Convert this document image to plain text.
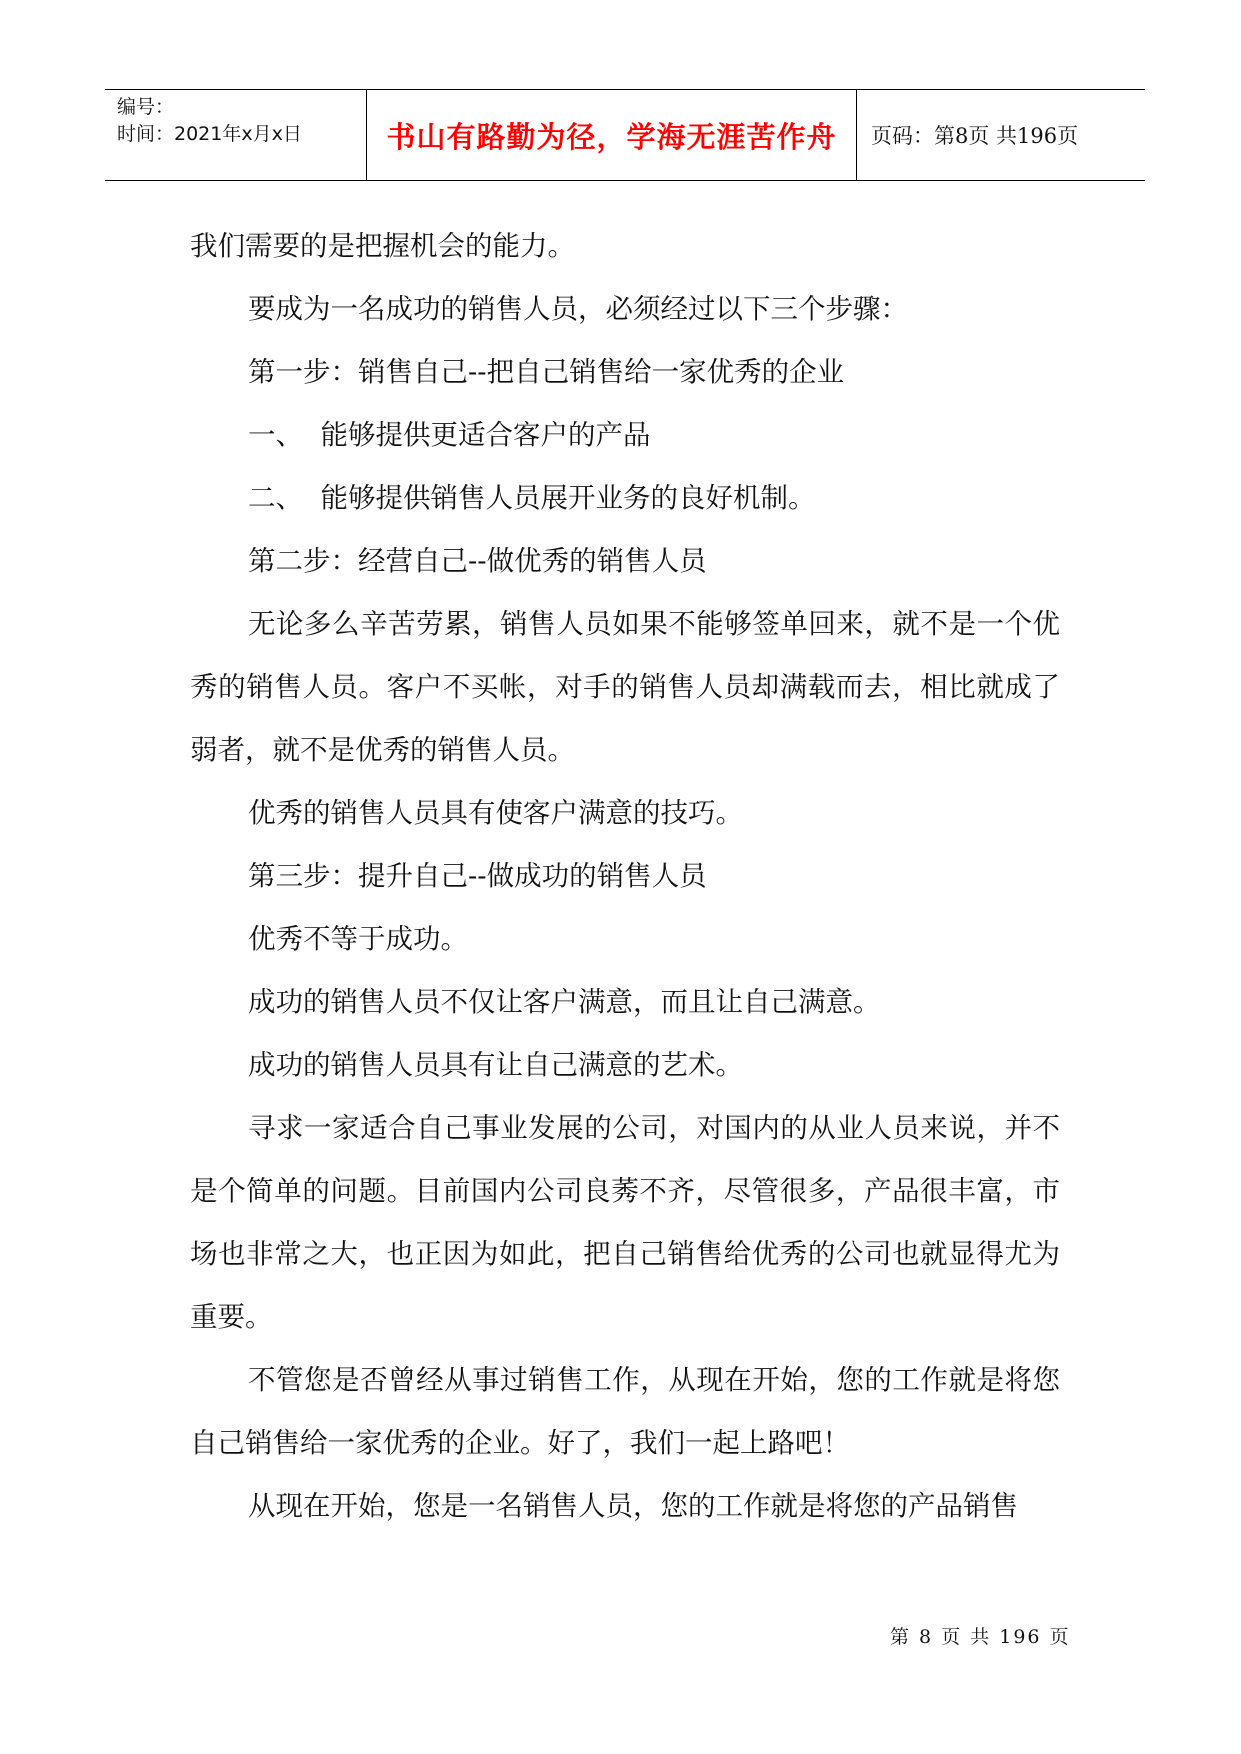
编号：
时间：2021年x月x日	书山有路勤为径，学海无涯苦作舟	页码：第8页 共196页

我们需要的是把握机会的能力。

要成为一名成功的销售人员，必须经过以下三个步骤：

第一步：销售自己--把自己销售给一家优秀的企业

一、  能够提供更适合客户的产品

二、  能够提供销售人员展开业务的良好机制。

第二步：经营自己--做优秀的销售人员

无论多么辛苦劳累，销售人员如果不能够签单回来，就不是一个优秀的销售人员。客户不买帐，对手的销售人员却满载而去，相比就成了弱者，就不是优秀的销售人员。

优秀的销售人员具有使客户满意的技巧。

第三步：提升自己--做成功的销售人员

优秀不等于成功。

成功的销售人员不仅让客户满意，而且让自己满意。

成功的销售人员具有让自己满意的艺术。

寻求一家适合自己事业发展的公司，对国内的从业人员来说，并不是个简单的问题。目前国内公司良莠不齐，尽管很多，产品很丰富，市场也非常之大，也正因为如此，把自己销售给优秀的公司也就显得尤为重要。

不管您是否曾经从事过销售工作，从现在开始，您的工作就是将您自己销售给一家优秀的企业。好了，我们一起上路吧！

从现在开始，您是一名销售人员，您的工作就是将您的产品销售

第 8 页 共 196 页
